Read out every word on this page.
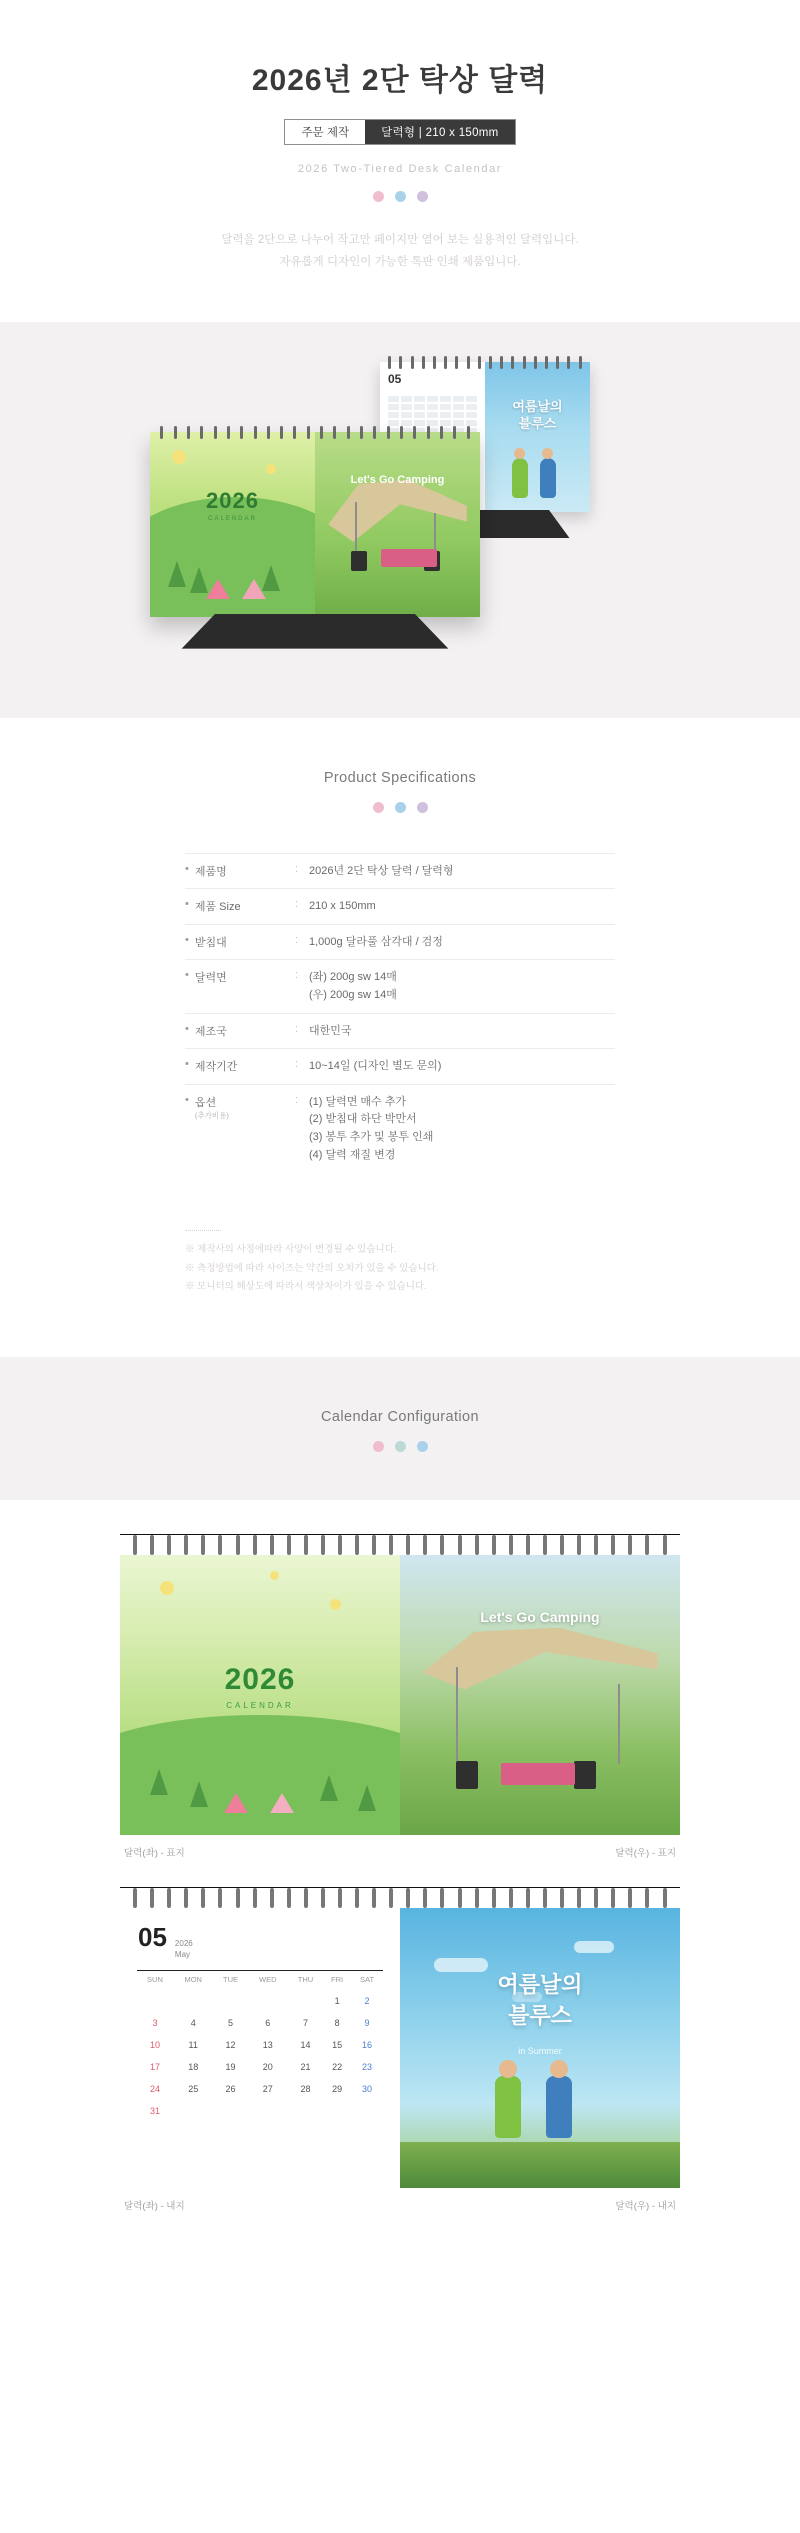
2026년 2단 탁상 달력
주문 제작	달력형 | 210 x 150mm
2026 Two-Tiered Desk Calendar
달력을 2단으로 나누어 작고만 페이지만 열어 보는 실용적인 달력입니다.
자유롭게 디자인이 가능한 톡판 인쇄 제품입니다.
05
여름날의
블루스
2026
CALENDAR
Let's Go Camping
Product Specifications
• 제품명	: 2026년 2단 탁상 달력 / 달력형
• 제품 Size	: 210 x 150mm
• 받침대	: 1,000g 달라풀 삼각대 / 검정
• 달력면	: (좌) 200g sw 14매
(우) 200g sw 14매
• 제조국	: 대한민국
• 제작기간	: 10~14일 (디자인 별도 문의)
• 옵션
(추가비용)
: (1) 달력면 매수 추가
(2) 받침대 하단 박만서
(3) 봉투 추가 및 봉투 인쇄
(4) 달력 재질 변경
※ 제작사의 사정에따라 사양이 변경될 수 있습니다.
※ 측정방법에 따라 사이즈는 약간의 오차가 있을 수 있습니다.
※ 모니터의 해상도에 따라서 색상차이가 있을 수 있습니다.
Calendar Configuration
2026
CALENDAR
Let's Go Camping
달력(좌) - 표지	달력(우) - 표지
05 2026
May
SUN	MON	TUE	WED	THU	FRI	SAT
					1	2
3	4	5	6	7	8	9
10	11	12	13	14	15	16
17	18	19	20	21	22	23
24	25	26	27	28	29	30
31						
여름날의
블루스
in Summer
달력(좌) - 내지	달력(우) - 내지
